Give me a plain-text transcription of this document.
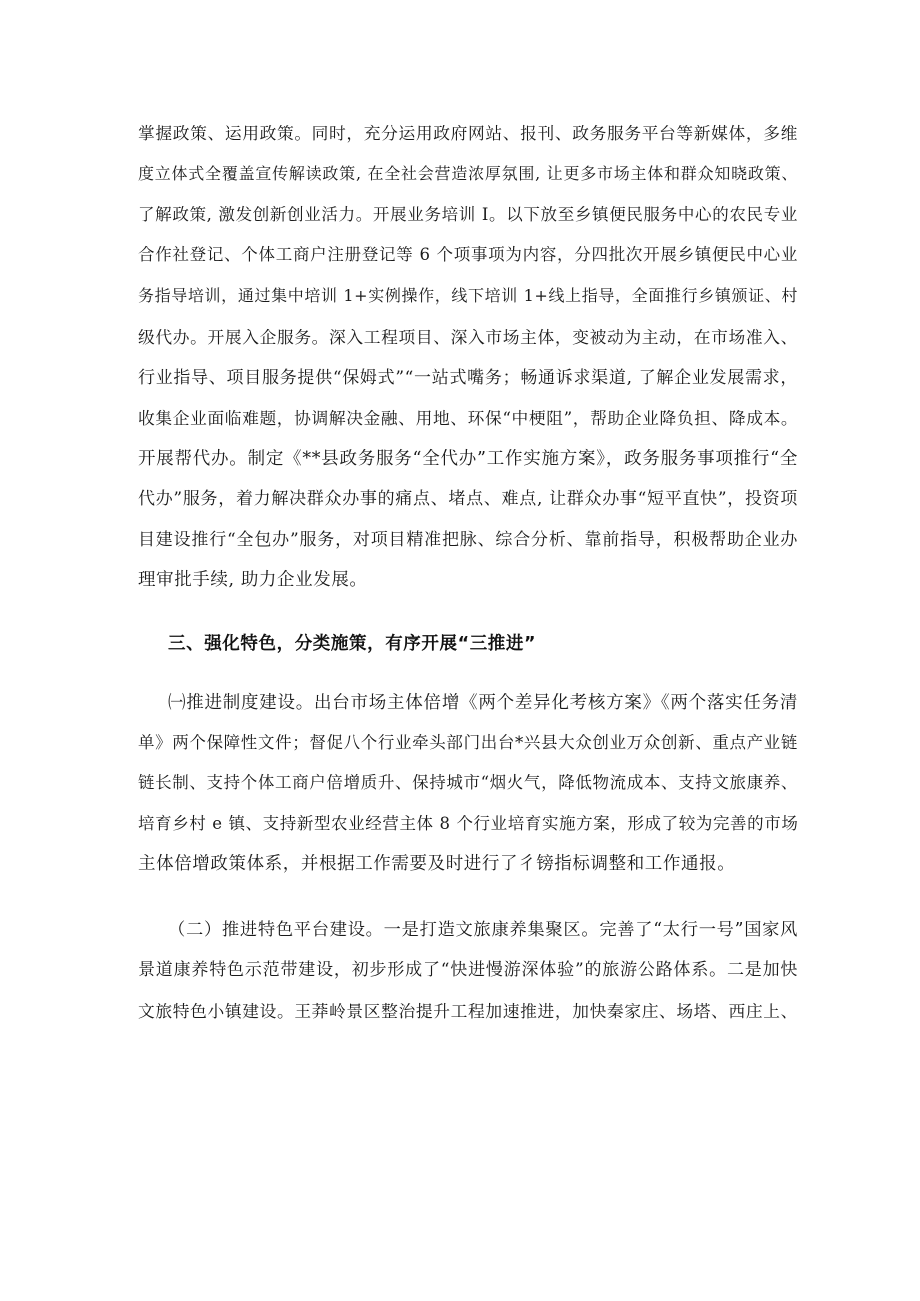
掌握政策、运用政策。同时，充分运用政府网站、报刊、政务服务平台等新媒体，多维
度立体式全覆盖宣传解读政策, 在全社会营造浓厚氛围, 让更多市场主体和群众知晓政策、
了解政策, 激发创新创业活力。开展业务培训 I。以下放至乡镇便民服务中心的农民专业
合作社登记、个体工商户注册登记等 6 个项事项为内容，分四批次开展乡镇便民中心业
务指导培训，通过集中培训 1+实例操作，线下培训 1+线上指导，全面推行乡镇颁证、村
级代办。开展入企服务。深入工程项目、深入市场主体，变被动为主动，在市场准入、
行业指导、项目服务提供“保姆式”“一站式嘴务；畅通诉求渠道, 了解企业发展需求，
收集企业面临难题，协调解决金融、用地、环保“中梗阻”，帮助企业降负担、降成本。
开展帮代办。制定《**县政务服务“全代办”工作实施方案》，政务服务事项推行“全
代办”服务，着力解决群众办事的痛点、堵点、难点, 让群众办事“短平直快”，投资项
目建设推行“全包办”服务，对项目精准把脉、综合分析、靠前指导，积极帮助企业办
理审批手续, 助力企业发展。
三、强化特色，分类施策，有序开展“三推进”
㈠推进制度建设。出台市场主体倍增《两个差异化考核方案》《两个落实任务清
单》两个保障性文件；督促八个行业牵头部门出台*兴县大众创业万众创新、重点产业链
链长制、支持个体工商户倍增质升、保持城市“烟火气，降低物流成本、支持文旅康养、
培育乡村 e 镇、支持新型农业经营主体 8 个行业培育实施方案，形成了较为完善的市场
主体倍增政策体系，并根据工作需要及时进行了彳镑指标调整和工作通报。
（二）推进特色平台建设。一是打造文旅康养集聚区。完善了“太行一号”国家风
景道康养特色示范带建设，初步形成了“快进慢游深体验”的旅游公路体系。二是加快
文旅特色小镇建设。王莽岭景区整治提升工程加速推进，加快秦家庄、场塔、西庄上、
